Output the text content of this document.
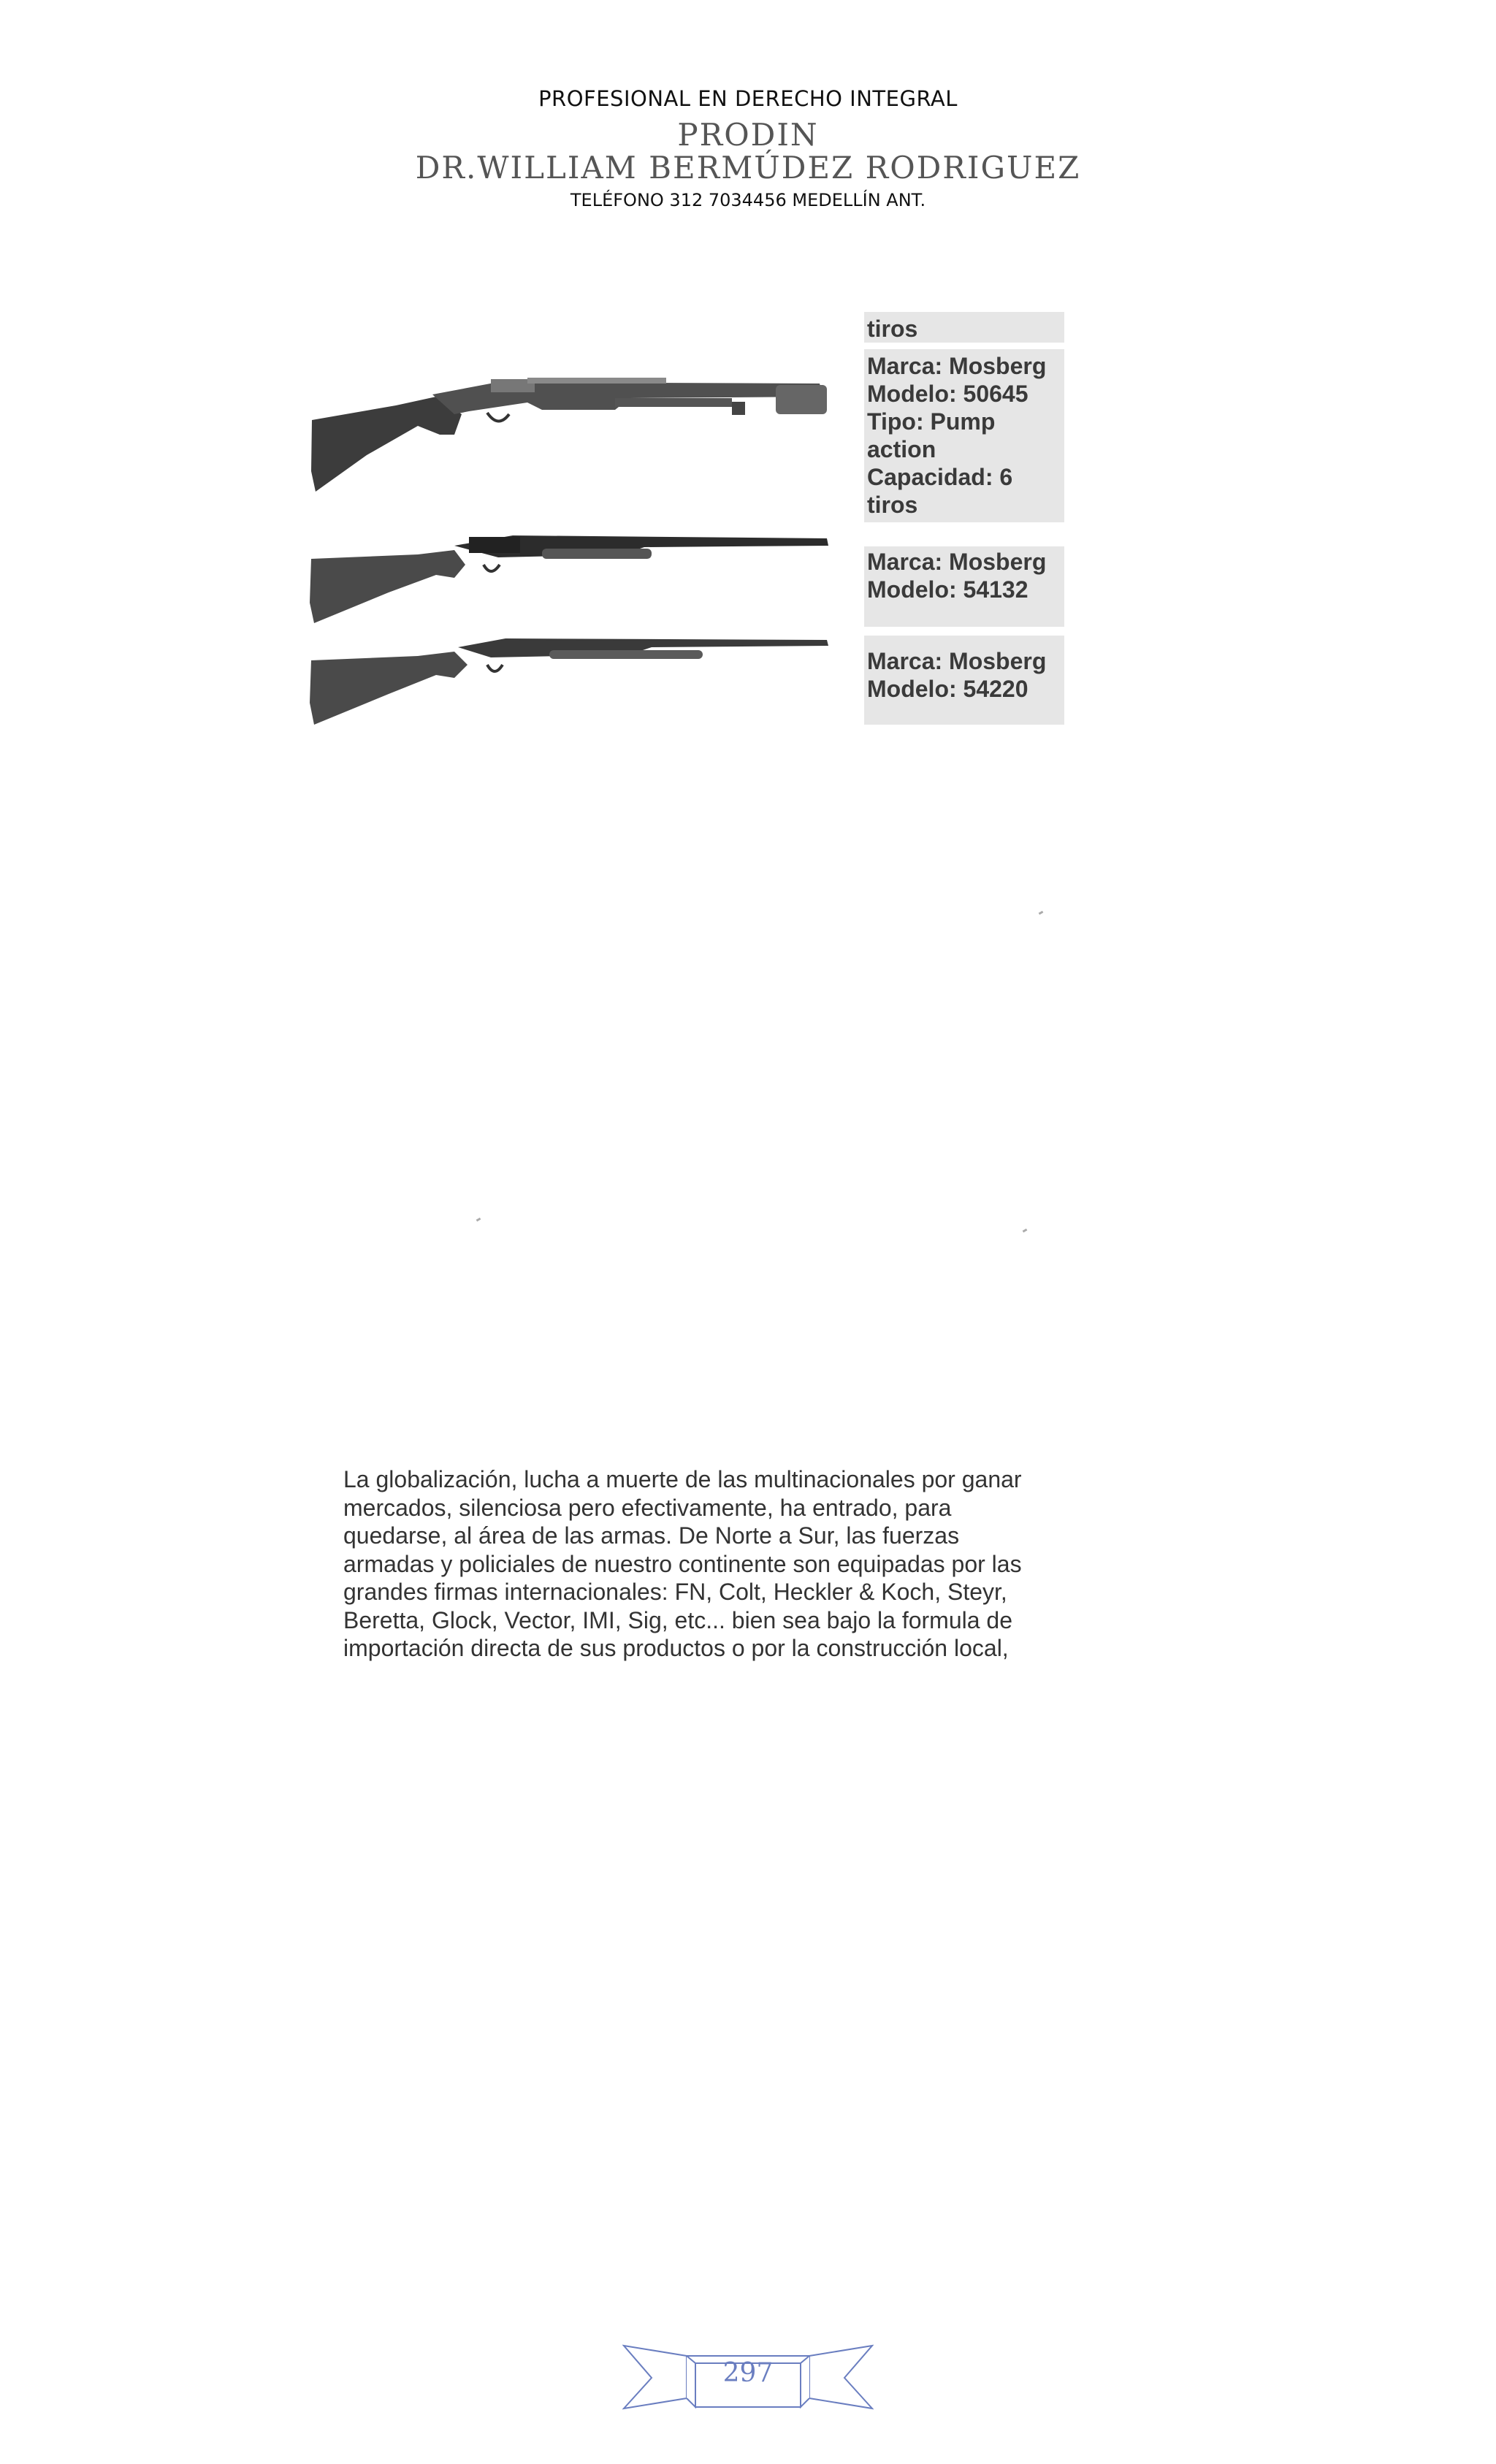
PROFESIONAL EN DERECHO INTEGRAL
PRODIN
DR.WILLIAM BERMÚDEZ RODRIGUEZ
TELÉFONO 312 7034456 MEDELLÍN ANT.
tiros
Marca: Mosberg
Modelo: 50645
Tipo: Pump
action
Capacidad: 6
tiros
Marca: Mosberg
Modelo: 54132
Marca: Mosberg
Modelo: 54220
La globalización, lucha a muerte de las multinacionales por ganar
mercados, silenciosa pero efectivamente, ha entrado, para
quedarse, al área de las armas. De Norte a Sur, las fuerzas
armadas y policiales de nuestro continente son equipadas por las
grandes firmas internacionales: FN, Colt, Heckler & Koch, Steyr,
Beretta, Glock, Vector, IMI, Sig, etc... bien sea bajo la formula de
importación directa de sus productos o por la construcción local,
297
